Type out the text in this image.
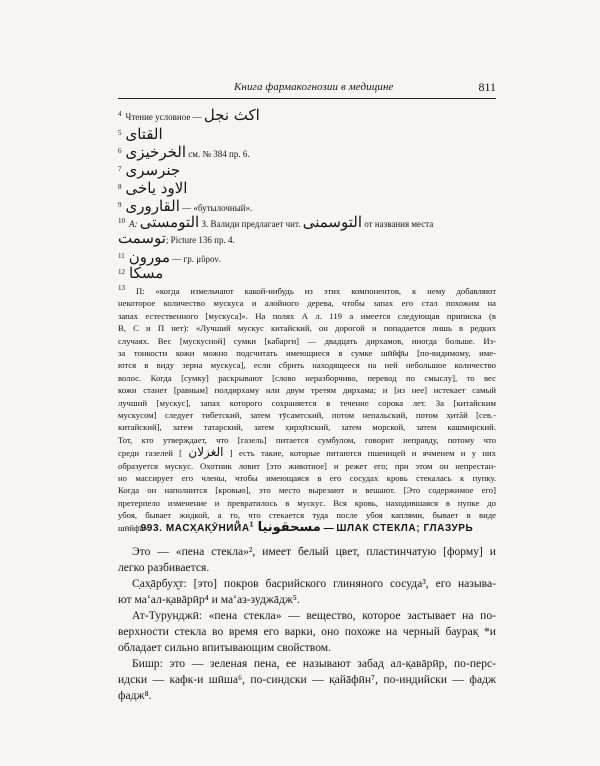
Книга фармакогнозии в медицине	811
$^4$ Чтение условное — اكث نجل
$^5$ القتاى
$^6$ الخرخيزى см. № 384 пр. 6.
$^7$ جنرسرى
$^8$ الاود ياخى
$^9$ القاروری — «бутылочный».
$^{10}$ А: التومستى З. Валиди предлагает чит. التوسمنى от названия места
توسمت; Picture 136 пр. 4.
$^{11}$ مورون — гр. μῦρον.
$^{12}$ مسكا
$^{13}$ П: «когда измельчают какой-нибудь из этих компонентов, к нему добавляют
некоторое количество мускуса и алойного дерева, чтобы запах его стал похожим на
запах естественного [мускуса]». На полях А л. 119 а имеется следующая приписка (в
В, С и П нет): «Лучший мускус китайский, он дорогой и попадается лишь в редких
случаях. Вес [мускусной] сумки [кабарги] — двадцать дирхамов, иногда больше. Из-
за тонкости кожи можно подсчитать имеющиеся в сумке шӣйф̄ы [по-видимому, име-
ются в виду зерна мускуса], если сбрить находящееся на ней небольшое количество
волос. Когда [сумку] раскрывают [слово неразборчиво, перевод по смыслу], то вес
кожи станет [равным] полдирхаму или двум третям дирхама; и [из нее] истекает самый
лучший [мускус], запах которого сохраняется в течение сорока лет. За [китайским
мускусом] следует тибетский, затем тӯсамтский, потом непальский, потом х̣итāй [сев.-
китайский], затем татарский, затем х̣ирх̣ӣзский, затем морской, затем кашмирский.
Тот, кто утверждает, что [газель] питается сумбулом, говорит неправду, потому что
среди газелей [ الغزلان ] есть такие, которые питаются пшеницей и ячменем и у них
образуется мускус. Охотник ловит [это животное] и режет его; при этом он непрестан-
но массирует его члены, чтобы имеющаяся в его сосудах кровь стекалась к пупку.
Когда он наполнится [кровью], это место вырезают и вешают. [Это содержимое его]
претерпело изменение и превратилось в мускус. Вся кровь, находившаяся в пупке до
убоя, бывает жидкой, а то, что стекается туда после убоя каплями, бывает в виде
шӣйф̄а».
993. $МАСХ̣АК̣ӮНИЙ̄А^1$ مسحقونيا — ШЛАК СТЕКЛА; ГЛАЗУРЬ
Это — «пена стекла»², имеет белый цвет, пластинчатую [форму] и
легко разбивается.
С̣ах̣āрбух̮т: [это] покров басрийского глиняного сосуда³, его называ-
ют ма‘ал-к̣авāрӣр⁴ и ма‘аз-зуджāдж⁵.
Ат-Турунджӣ: «пена стекла» — вещество, которое застывает на по-
верхности стекла во время его варки, оно похоже на черный баурак̣ *и
обладает сильно впитывающим свойством.
Бишр: это — зеленая пена, ее называют забад ал-к̣авāрӣр, по-перс-
идски — кафк-и шӣша⁶, по-синдски — к̣айāфӣн⁷, по-индийски — фадж
фадж⁸.
